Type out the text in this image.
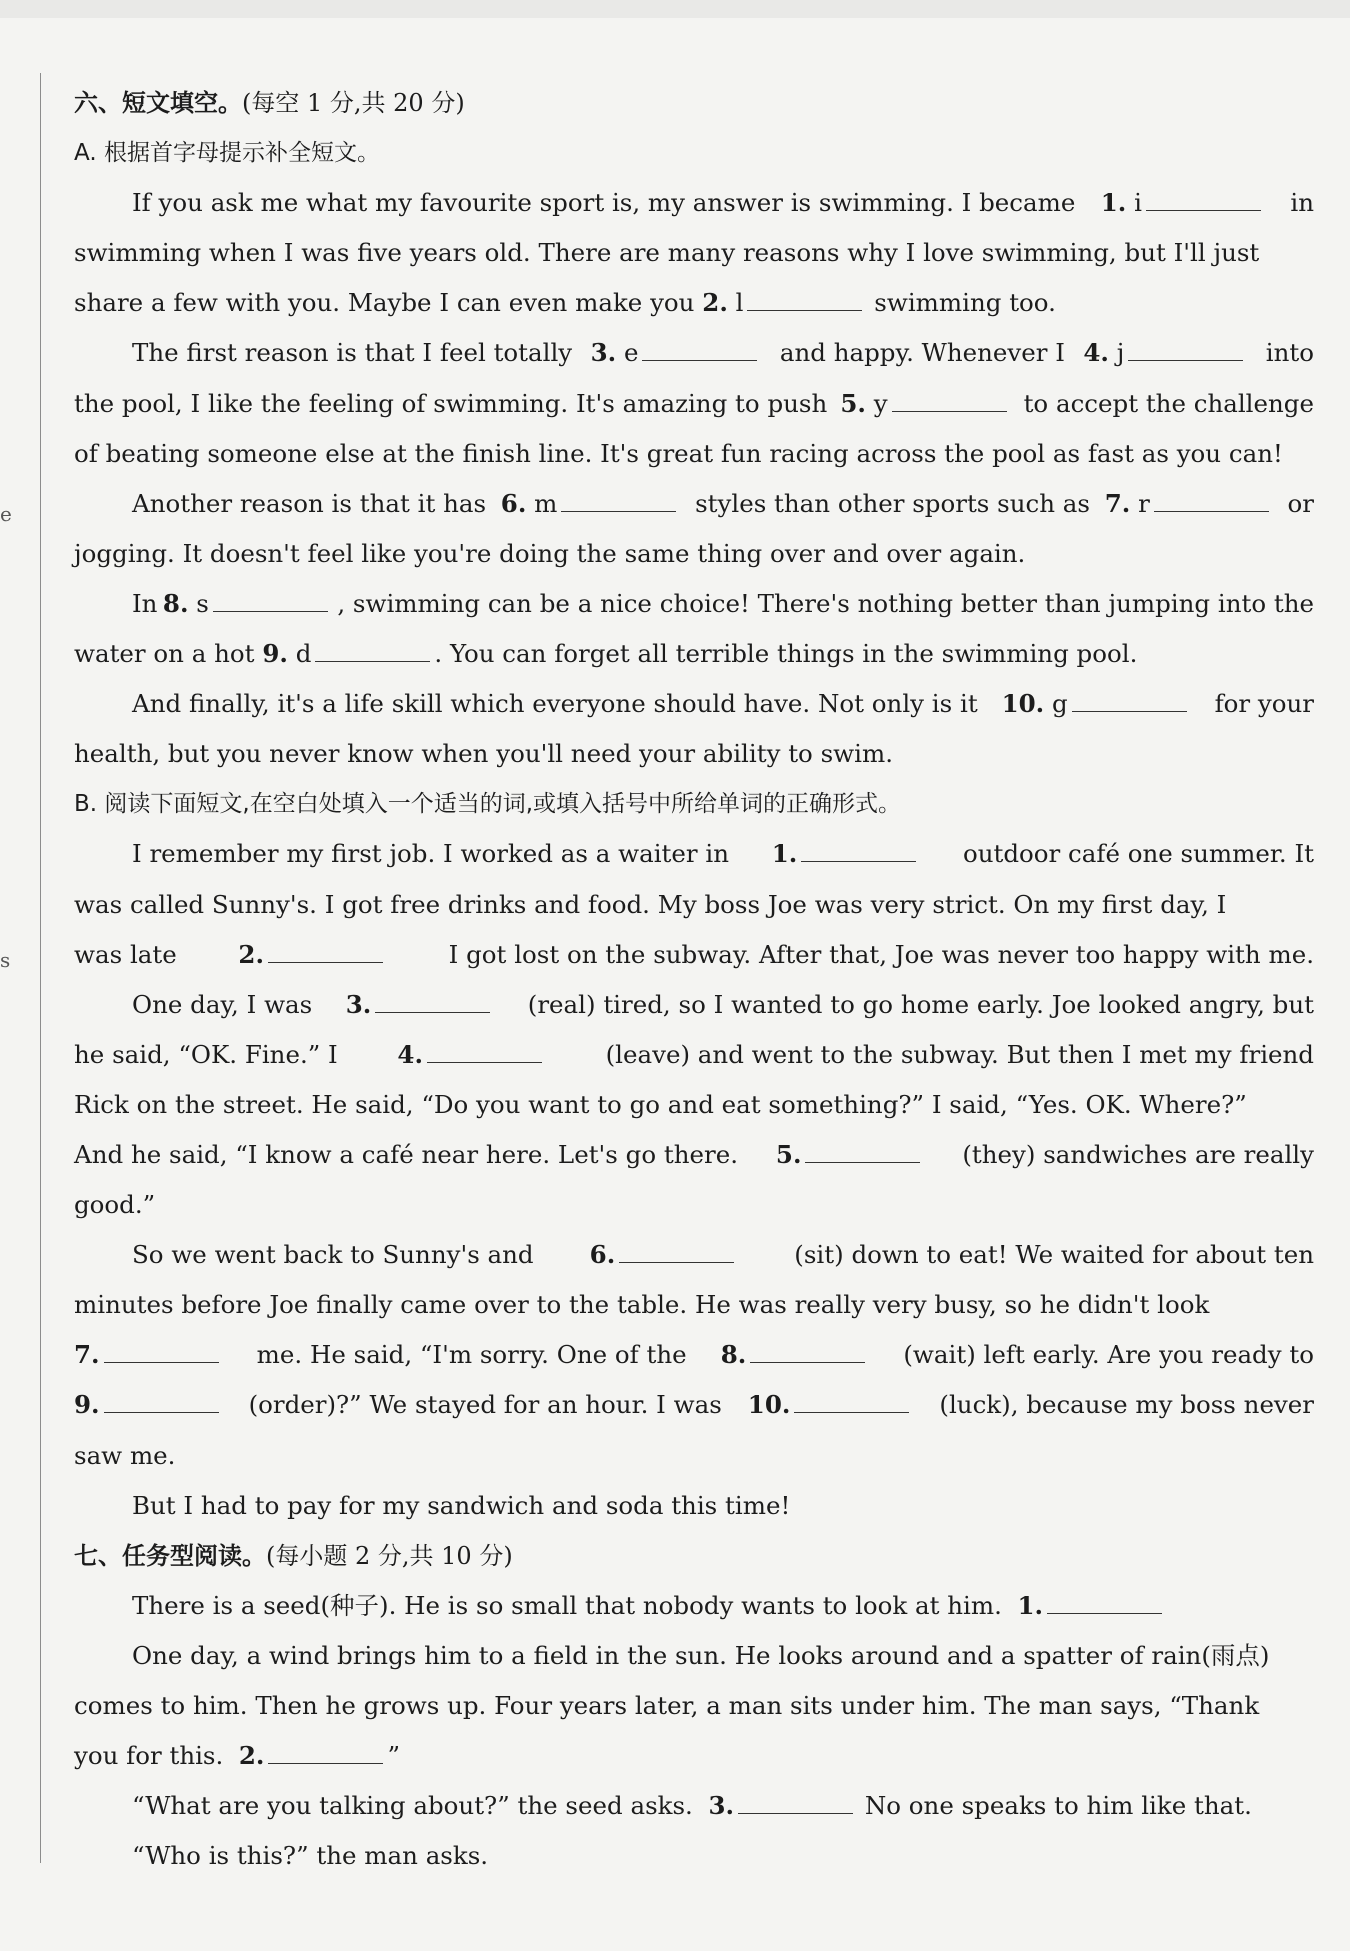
e
s
六、短文填空。 (每空 1 分,共 20 分)
A. 根据首字母提示补全短文。
If you ask me what my favourite sport is, my answer is swimming. I became 1. i	in
swimming when I was five years old. There are many reasons why I love swimming, but I'll just
share a few with you. Maybe I can even make you
2.
l
	swimming too.
The first reason is that I feel totally 3. e	and happy. Whenever I 4. j	into
the pool, I like the feeling of swimming. It's amazing to push 5. y	to accept the challenge
of beating someone else at the finish line. It's great fun racing across the pool as fast as you can!
Another reason is that it has 6. m	styles than other sports such as 7. r	or
jogging. It doesn't feel like you're doing the same thing over and over again.
In 8. s	, swimming can be a nice choice! There's nothing better than jumping into the
water on a hot
9.
d	. You can forget all terrible things in the swimming pool.
And finally, it's a life skill which everyone should have. Not only is it 10. g	for your
health, but you never know when you'll need your ability to swim.
B. 阅读下面短文,在空白处填入一个适当的词,或填入括号中所给单词的正确形式。
I remember my first job. I worked as a waiter in 1.	outdoor café one summer. It
was called Sunny's. I got free drinks and food. My boss Joe was very strict. On my first day, I
was late	2.	I got lost on the subway. After that, Joe was never too happy with me.
One day, I was 3.	(real) tired, so I wanted to go home early. Joe looked angry, but
he said, “OK. Fine.” I 4.	(leave) and went to the subway. But then I met my friend
Rick on the street. He said, “Do you want to go and eat something?” I said, “Yes. OK. Where?”
And he said, “I know a café near here. Let's go there. 5.	(they) sandwiches are really
good.”
So we went back to Sunny's and 6.	(sit) down to eat! We waited for about ten
minutes before Joe finally came over to the table. He was really very busy, so he didn't look
7.	me. He said, “I'm sorry. One of the 8.	(wait) left early. Are you ready to
9.	(order)?” We stayed for an hour. I was 10.	(luck), because my boss never
saw me.
But I had to pay for my sandwich and soda this time!
七、任务型阅读。 (每小题 2 分,共 10 分)
There is a seed(种子). He is so small that nobody wants to look at him.
1.
One day, a wind brings him to a field in the sun. He looks around and a spatter of rain(雨点)
comes to him. Then he grows up. Four years later, a man sits under him. The man says, “Thank
you for this.
2.	”
“What are you talking about?” the seed asks.
3.
	No one speaks to him like that.
“Who is this?” the man asks.
